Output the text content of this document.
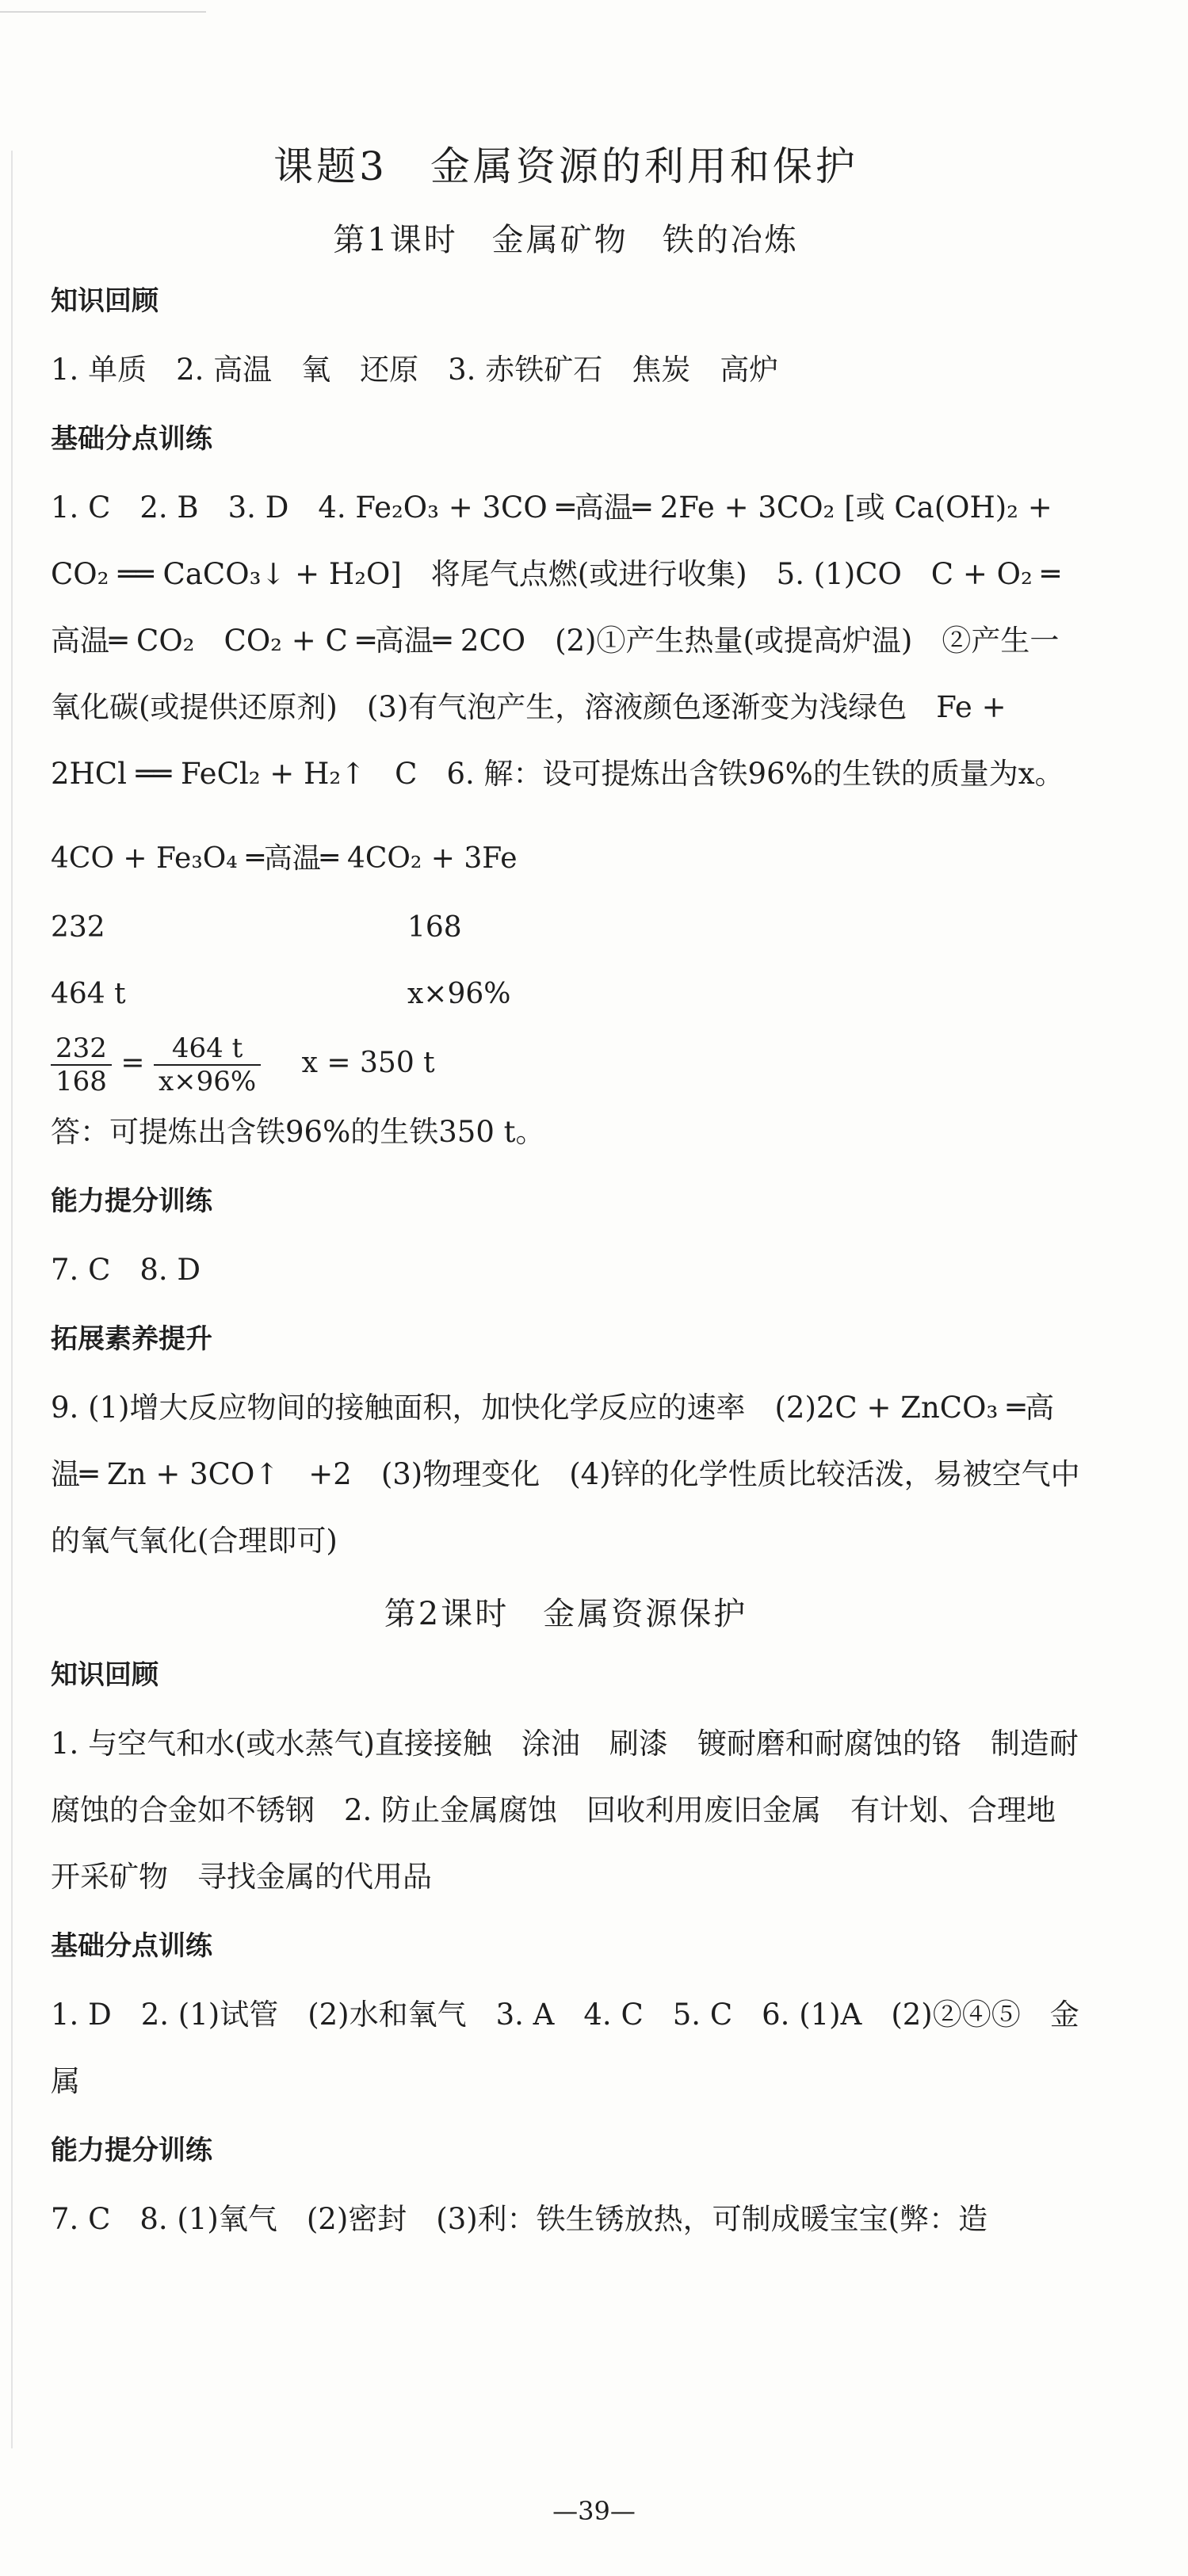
课题3　金属资源的利用和保护
第1课时　金属矿物　铁的冶炼
知识回顾

1. 单质　2. 高温　氧　还原　3. 赤铁矿石　焦炭　高炉

基础分点训练

1. C　2. B　3. D　4. Fe₂O₃ + 3CO ═高温═ 2Fe + 3CO₂ [或 Ca(OH)₂ + CO₂ ══ CaCO₃↓ + H₂O]　将尾气点燃(或进行收集)　5. (1)CO　C + O₂ ═高温═ CO₂　CO₂ + C ═高温═ 2CO　(2)①产生热量(或提高炉温)　②产生一氧化碳(或提供还原剂)　(3)有气泡产生，溶液颜色逐渐变为浅绿色　Fe + 2HCl ══ FeCl₂ + H₂↑　C　6. 解：设可提炼出含铁96%的生铁的质量为x。

4CO + Fe₃O₄ ═高温═ 4CO₂ + 3Fe
232	168
464 t	x×96%
$\frac{232}{168} = \frac{464 t}{x\times 96\%}$ x = 350 t

答：可提炼出含铁96%的生铁350 t。

能力提分训练

7. C　8. D

拓展素养提升

9. (1)增大反应物间的接触面积，加快化学反应的速率　(2)2C + ZnCO₃ ═高温═ Zn + 3CO↑　+2　(3)物理变化　(4)锌的化学性质比较活泼，易被空气中的氧气氧化(合理即可)

第2课时　金属资源保护
知识回顾

1. 与空气和水(或水蒸气)直接接触　涂油　刷漆　镀耐磨和耐腐蚀的铬　制造耐腐蚀的合金如不锈钢　2. 防止金属腐蚀　回收利用废旧金属　有计划、合理地开采矿物　寻找金属的代用品

基础分点训练

1. D　2. (1)试管　(2)水和氧气　3. A　4. C　5. C　6. (1)A　(2)②④⑤　金属

能力提分训练

7. C　8. (1)氧气　(2)密封　(3)利：铁生锈放热，可制成暖宝宝(弊：造

—39—
